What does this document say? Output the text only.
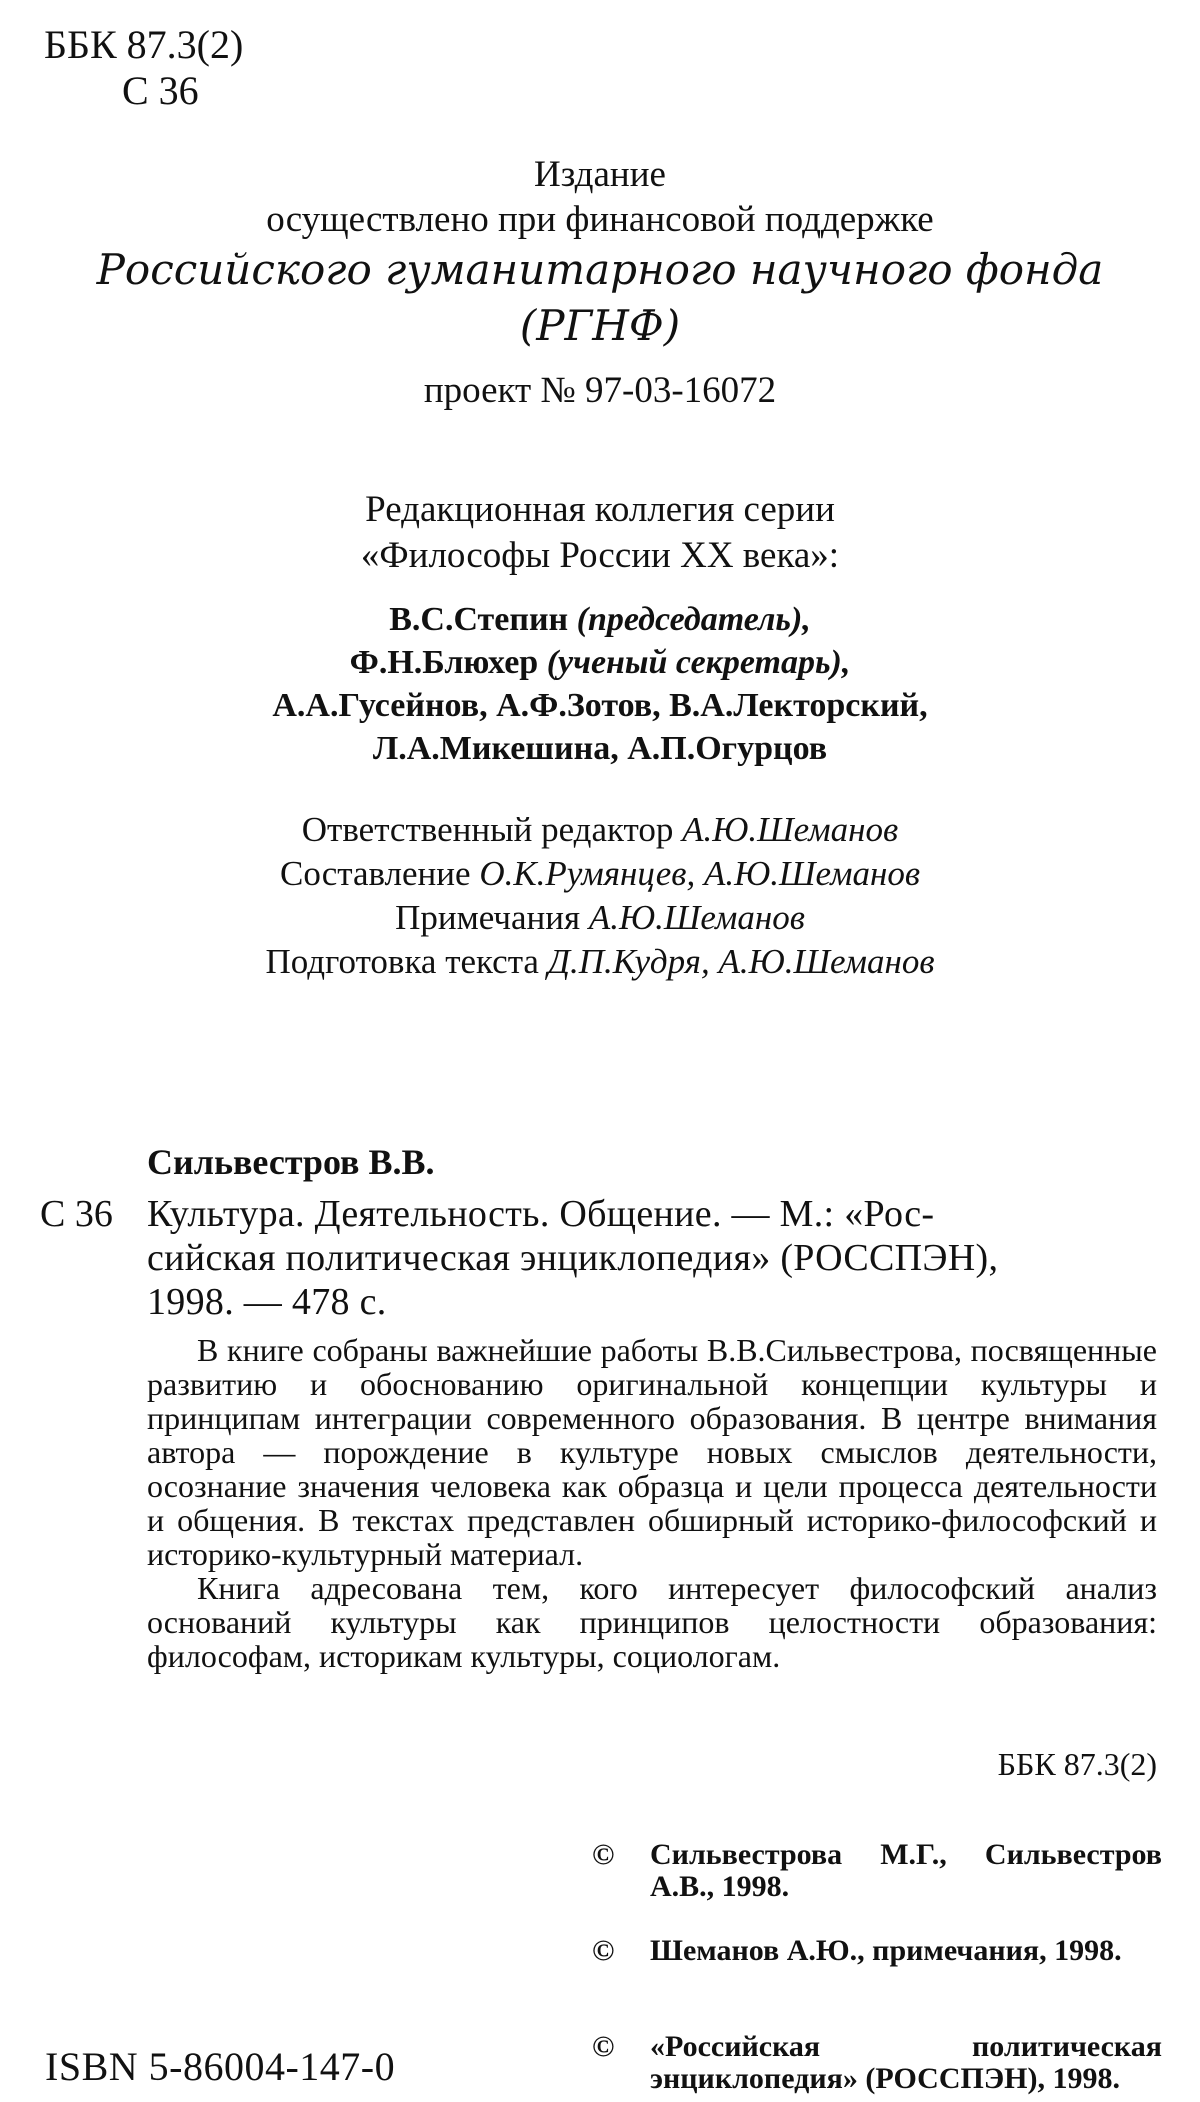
ББК 87.3(2)
С 36
Издание
осуществлено при финансовой поддержке
Российского гуманитарного научного фонда
(РГНФ)
проект № 97-03-16072
Редакционная коллегия серии
«Философы России XX века»:
В.С.Степин (председатель),
Ф.Н.Блюхер (ученый секретарь),
А.А.Гусейнов, А.Ф.Зотов, В.А.Лекторский,
Л.А.Микешина, А.П.Огурцов
Ответственный редактор А.Ю.Шеманов
Составление О.К.Румянцев, А.Ю.Шеманов
Примечания А.Ю.Шеманов
Подготовка текста Д.П.Кудря, А.Ю.Шеманов
Сильвестров В.В.
С 36 Культура. Деятельность. Общение. — М.: «Рос-
сийская политическая энциклопедия» (РОССПЭН),
1998. — 478 с.

В книге собраны важнейшие работы В.В.Сильвестрова, посвященные развитию и обоснованию оригинальной концепции культуры и принципам интеграции современного образования. В центре внимания автора — порождение в культуре новых смыслов деятельности, осознание значения человека как образца и цели процесса деятельности и общения. В текстах представлен обширный историко-философский и историко-культурный материал.

Книга адресована тем, кого интересует философский анализ оснований культуры как принципов целостности образования: философам, историкам культуры, социологам.

ББК 87.3(2)
© Сильвестрова М.Г., Сильвестров А.В., 1998.
© Шеманов А.Ю., примечания, 1998.
© «Российская политическая энциклопедия» (РОССПЭН), 1998.
ISBN 5-86004-147-0
